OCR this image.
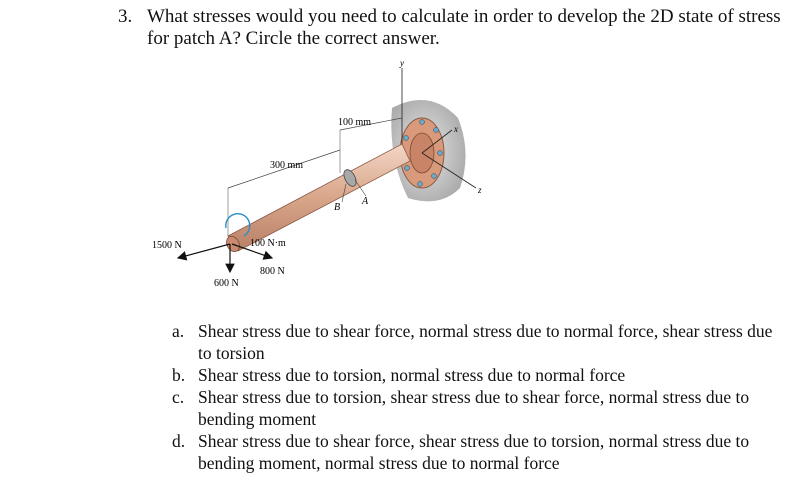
3. What stresses would you need to calculate in order to develop the 2D state of stress for patch A? Circle the correct answer.
y
x
z
100 mm
300 mm
A
B
1500 N
600 N
800 N
100 N·m
a. Shear stress due to shear force, normal stress due to normal force, shear stress due to torsion
b. Shear stress due to torsion, normal stress due to normal force
c. Shear stress due to torsion, shear stress due to shear force, normal stress due to bending moment
d. Shear stress due to shear force, shear stress due to torsion, normal stress due to bending moment, normal stress due to normal force
